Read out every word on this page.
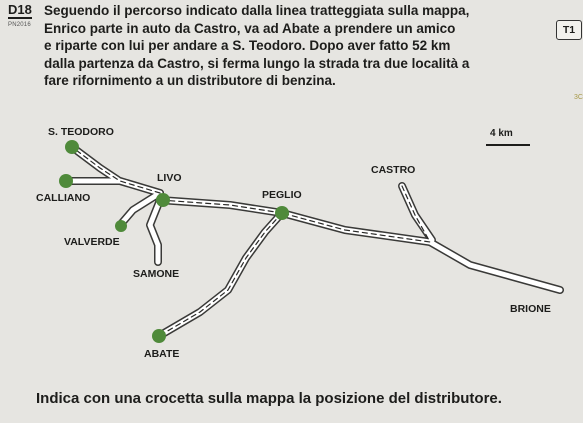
D18
PN2016

Seguendo il percorso indicato dalla linea tratteggiata sulla mappa,
Enrico parte in auto da Castro, va ad Abate a prendere un amico
e riparte con lui per andare a S. Teodoro. Dopo aver fatto 52 km
dalla partenza da Castro, si ferma lungo la strada tra due località a
fare rifornimento a un distributore di benzina.

T1
3C
S. TEODORO
CASTRO
LIVO
CALLIANO	PEGLIO
VALVERDE
SAMONE
BRIONE
ABATE
4 km

Indica con una crocetta sulla mappa la posizione del distributore.
